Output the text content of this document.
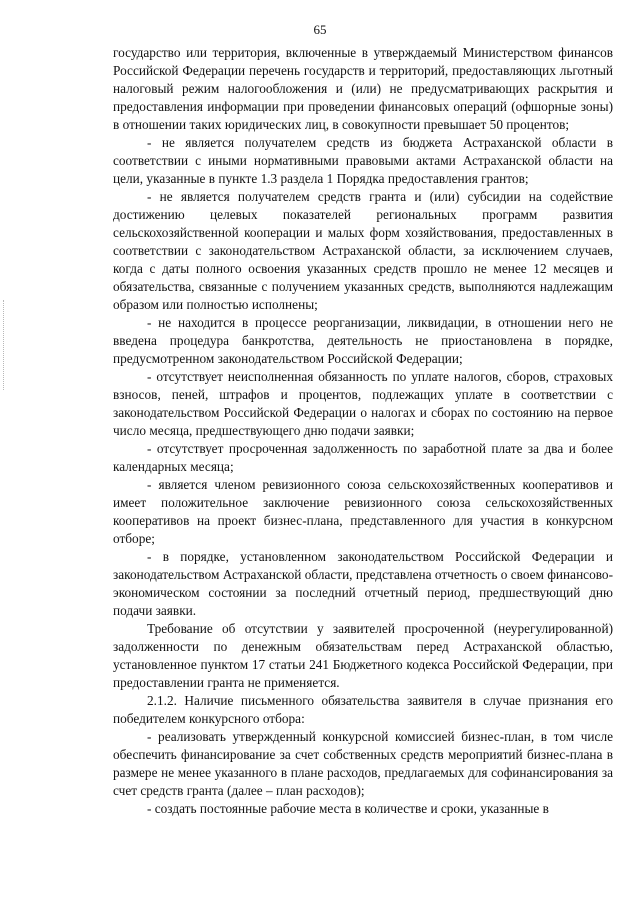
65

государство или территория, включенные в утверждаемый Министерством финансов Российской Федерации перечень государств и территорий, предоставляющих льготный налоговый режим налогообложения и (или) не предусматривающих раскрытия и предоставления информации при проведении финансовых операций (офшорные зоны) в отношении таких юридических лиц, в совокупности превышает 50 процентов;

- не является получателем средств из бюджета Астраханской области в соответствии с иными нормативными правовыми актами Астраханской области на цели, указанные в пункте 1.3 раздела 1 Порядка предоставления грантов;

- не является получателем средств гранта и (или) субсидии на содействие достижению целевых показателей региональных программ развития сельскохозяйственной кооперации и малых форм хозяйствования, предоставленных в соответствии с законодательством Астраханской области, за исключением случаев, когда с даты полного освоения указанных средств прошло не менее 12 месяцев и обязательства, связанные с получением указанных средств, выполняются надлежащим образом или полностью исполнены;

- не находится в процессе реорганизации, ликвидации, в отношении него не введена процедура банкротства, деятельность не приостановлена в порядке, предусмотренном законодательством Российской Федерации;

- отсутствует неисполненная обязанность по уплате налогов, сборов, страховых взносов, пеней, штрафов и процентов, подлежащих уплате в соответствии с законодательством Российской Федерации о налогах и сборах по состоянию на первое число месяца, предшествующего дню подачи заявки;

- отсутствует просроченная задолженность по заработной плате за два и более календарных месяца;

- является членом ревизионного союза сельскохозяйственных кооперативов и имеет положительное заключение ревизионного союза сельскохозяйственных кооперативов на проект бизнес-плана, представленного для участия в конкурсном отборе;

- в порядке, установленном законодательством Российской Федерации и законодательством Астраханской области, представлена отчетность о своем финансово-экономическом состоянии за последний отчетный период, предшествующий дню подачи заявки.

Требование об отсутствии у заявителей просроченной (неурегулированной) задолженности по денежным обязательствам перед Астраханской областью, установленное пунктом 17 статьи 241 Бюджетного кодекса Российской Федерации, при предоставлении гранта не применяется.

2.1.2. Наличие письменного обязательства заявителя в случае признания его победителем конкурсного отбора:

- реализовать утвержденный конкурсной комиссией бизнес-план, в том числе обеспечить финансирование за счет собственных средств мероприятий бизнес-плана в размере не менее указанного в плане расходов, предлагаемых для софинансирования за счет средств гранта (далее – план расходов);

- создать постоянные рабочие места в количестве и сроки, указанные в
